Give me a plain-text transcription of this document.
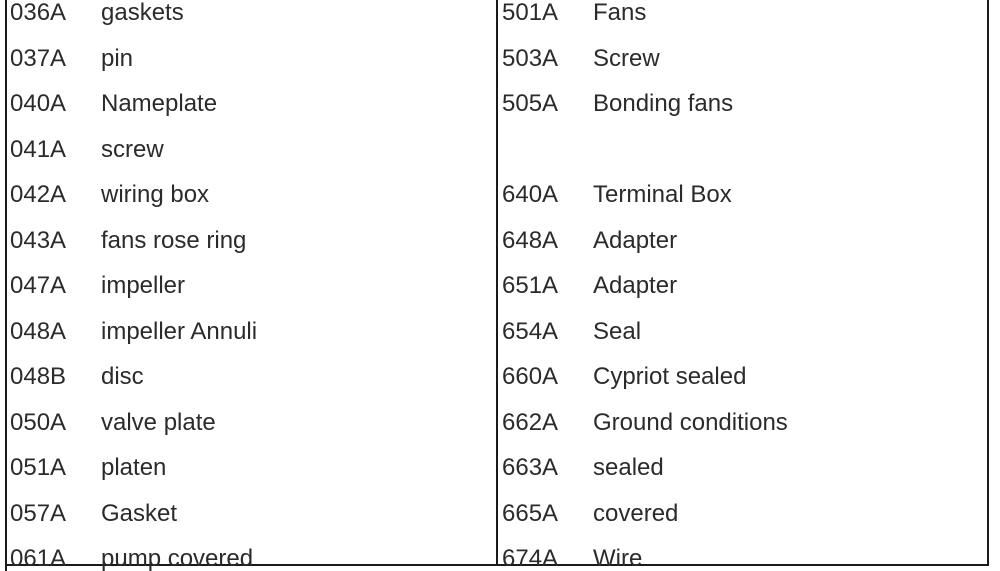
036A gaskets
037A pin
040A Nameplate
041A screw
042A wiring box
043A fans rose ring
047A impeller
048A impeller Annuli
048B disc
050A valve plate
051A platen
057A Gasket
061A pump covered
501A Fans
503A Screw
505A Bonding fans
640A Terminal Box
648A Adapter
651A Adapter
654A Seal
660A Cypriot sealed
662A Ground conditions
663A sealed
665A covered
674A Wire
